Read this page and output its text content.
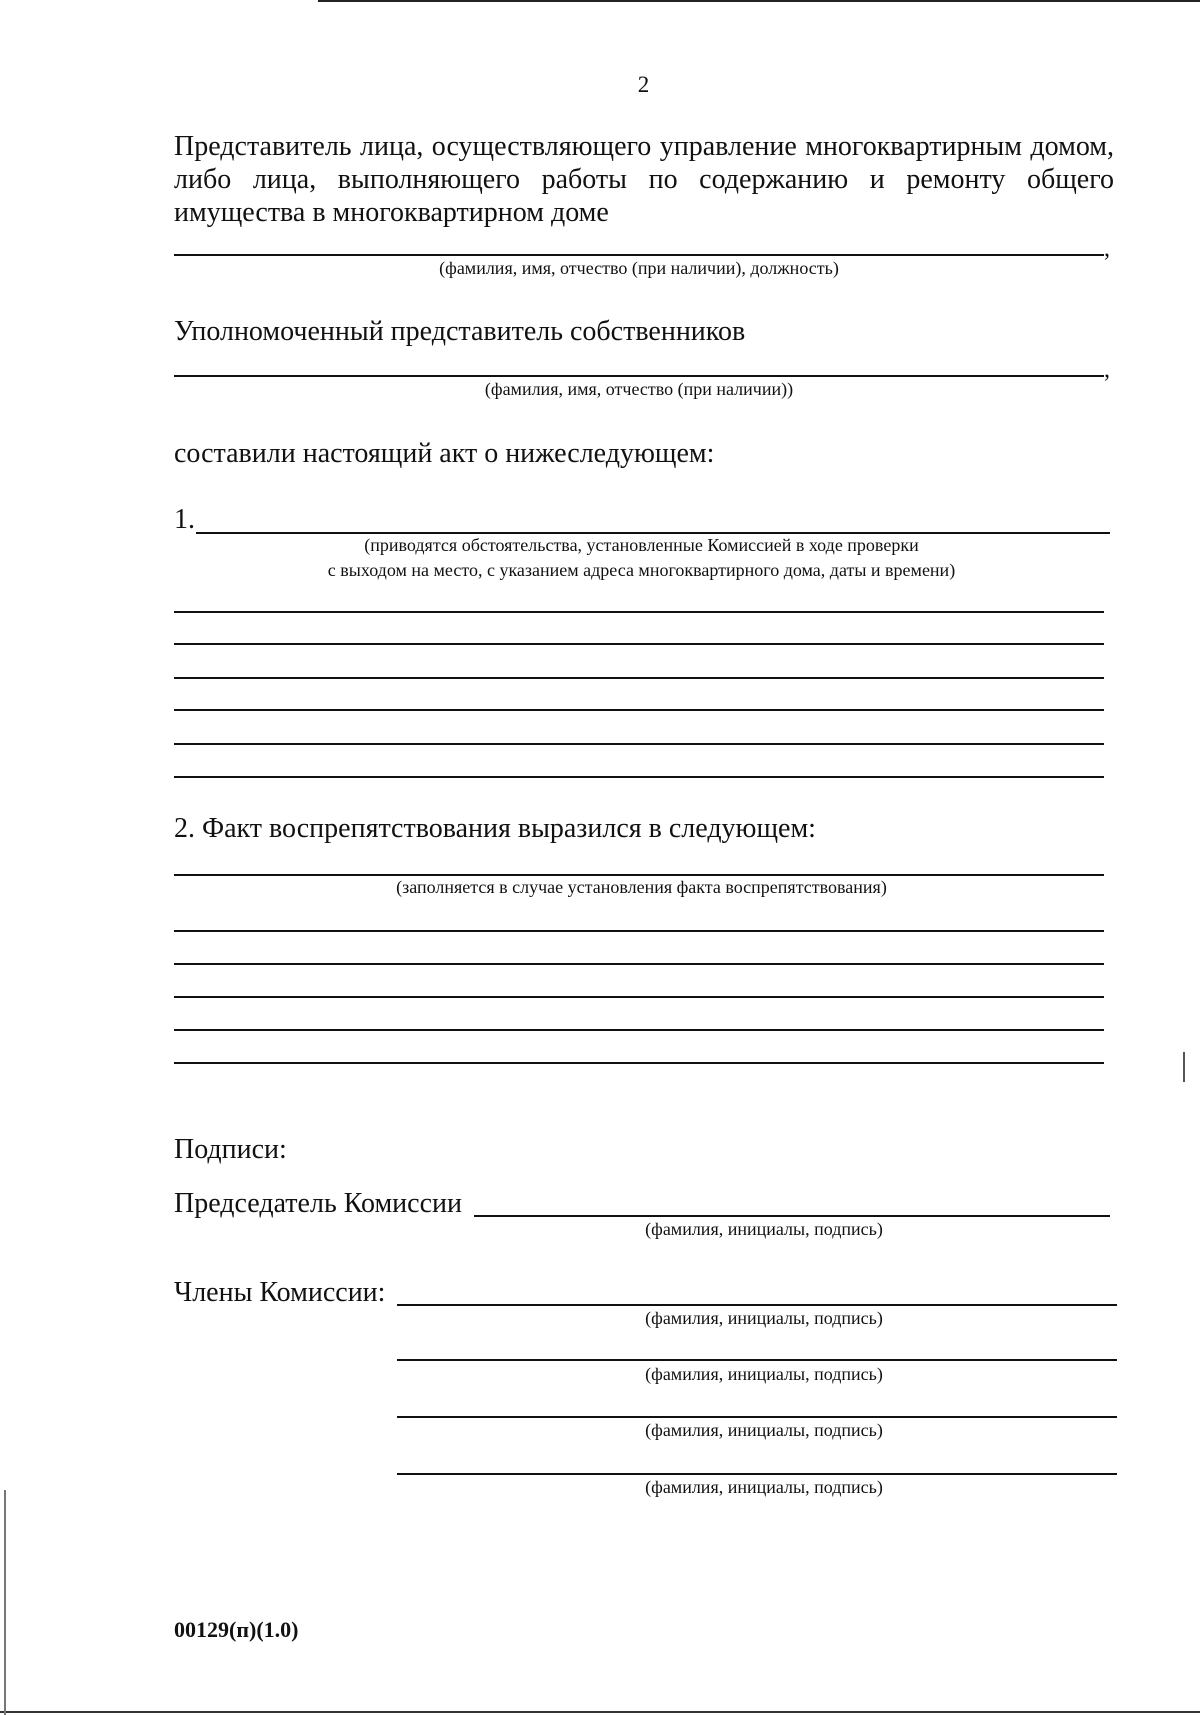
2
Представитель лица, осуществляющего управление многоквартирным домом,
либо лица, выполняющего работы по содержанию и ремонту общего
имущества в многоквартирном доме
,
(фамилия, имя, отчество (при наличии), должность)
Уполномоченный представитель собственников
,
(фамилия, имя, отчество (при наличии))
составили настоящий акт о нижеследующем:
1.
(приводятся обстоятельства, установленные Комиссией в ходе проверки
с выходом на место, с указанием адреса многоквартирного дома, даты и времени)
2. Факт воспрепятствования выразился в следующем:
(заполняется в случае установления факта воспрепятствования)
Подписи:
Председатель Комиссии
(фамилия, инициалы, подпись)
Члены Комиссии:
(фамилия, инициалы, подпись)
(фамилия, инициалы, подпись)
(фамилия, инициалы, подпись)
(фамилия, инициалы, подпись)
00129(п)(1.0)
